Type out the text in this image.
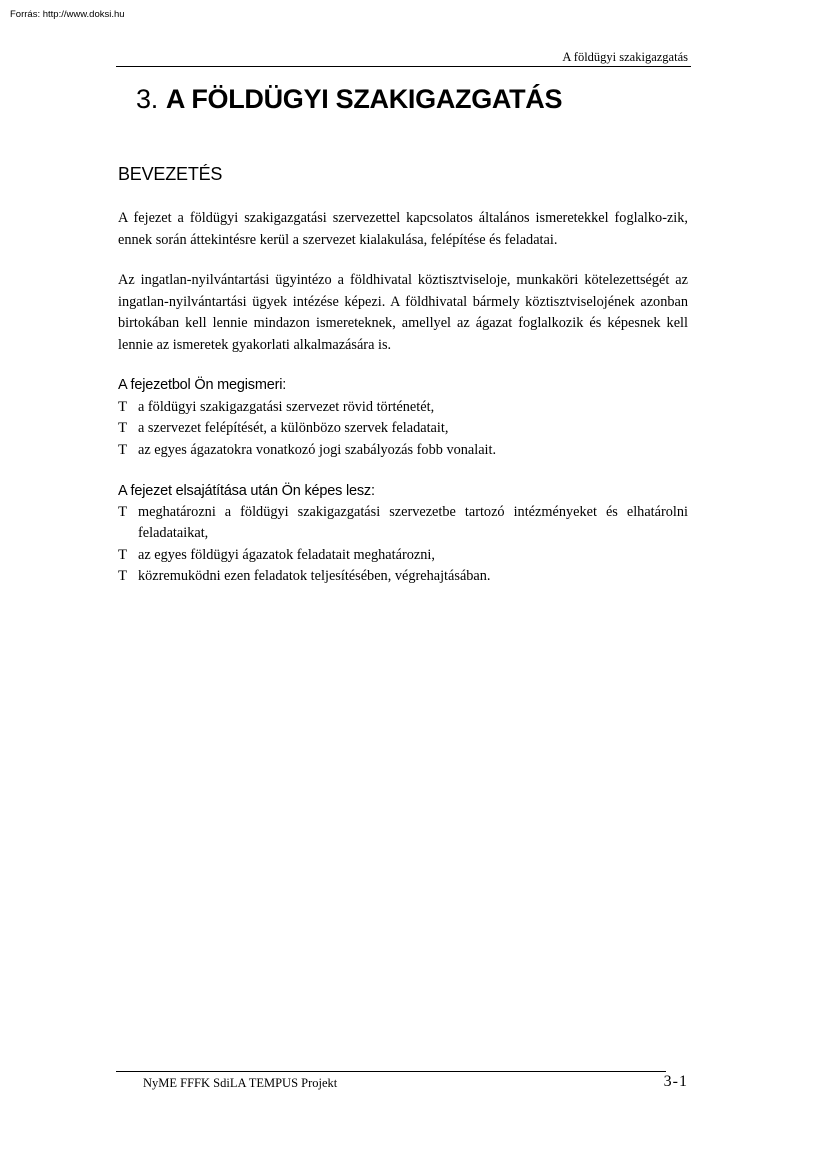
Forrás: http://www.doksi.hu
A földügyi szakigazgatás
3. A FÖLDÜGYI SZAKIGAZGATÁS
BEVEZETÉS

A fejezet a földügyi szakigazgatási szervezettel kapcsolatos általános ismeretekkel foglalko-zik, ennek során áttekintésre kerül a szervezet kialakulása, felépítése és feladatai.

Az ingatlan-nyilvántartási ügyintézo a földhivatal köztisztviseloje, munkaköri kötelezettségét az ingatlan-nyilvántartási ügyek intézése képezi. A földhivatal bármely köztisztviselojének azonban birtokában kell lennie mindazon ismereteknek, amellyel az ágazat foglalkozik és képesnek kell lennie az ismeretek gyakorlati alkalmazására is.

A fejezetbol Ön megismeri:
T a földügyi szakigazgatási szervezet rövid történetét,
T a szervezet felépítését, a különbözo szervek feladatait,
T az egyes ágazatokra vonatkozó jogi szabályozás fobb vonalait.
A fejezet elsajátítása után Ön képes lesz:
T meghatározni a földügyi szakigazgatási szervezetbe tartozó intézményeket és elhatárolni feladataikat,
T az egyes földügyi ágazatok feladatait meghatározni,
T közremuködni ezen feladatok teljesítésében, végrehajtásában.
NyME FFFK SdiLA TEMPUS Projekt	3-1
